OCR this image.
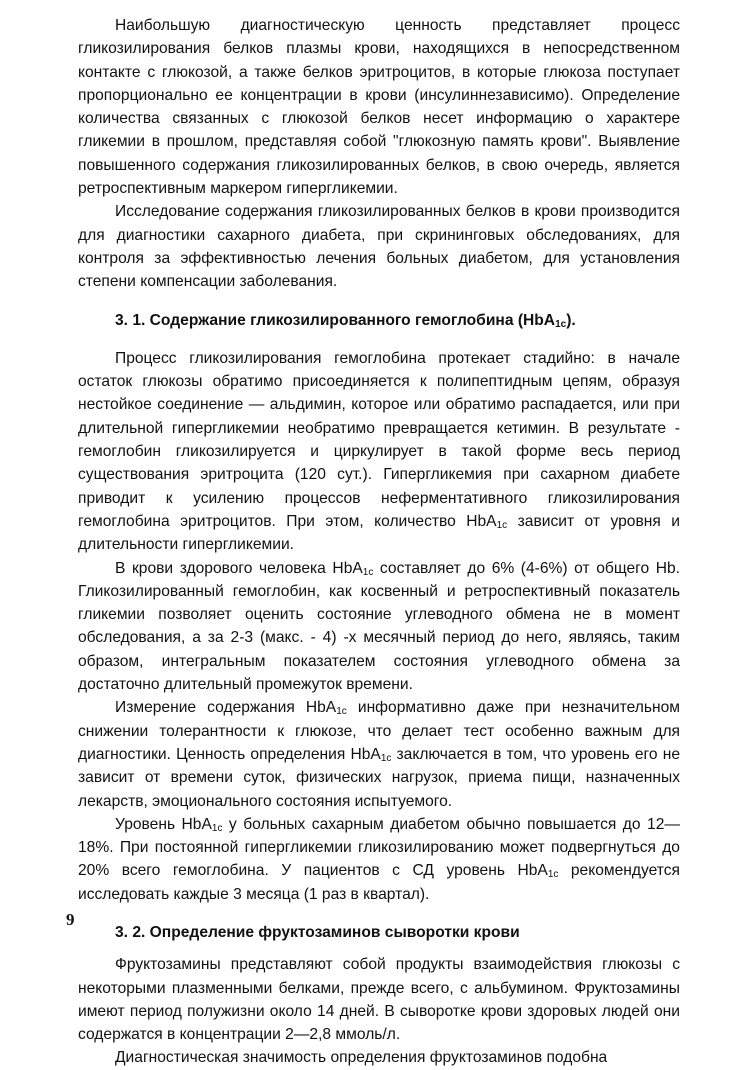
Наибольшую диагностическую ценность представляет процесс гликозилирования белков плазмы крови, находящихся в непосредственном контакте с глюкозой, а также белков эритроцитов, в которые глюкоза поступает пропорционально ее концентрации в крови (инсулиннезависимо). Определение количества связанных с глюкозой белков несет информацию о характере гликемии в прошлом, представляя собой "глюкозную память крови". Выявление повышенного содержания гликозилированных белков, в свою очередь, является ретроспективным маркером гипергликемии.

Исследование содержания гликозилированных белков в крови производится для диагностики сахарного диабета, при скрининговых обследованиях, для контроля за эффективностью лечения больных диабетом, для установления степени компенсации заболевания.

3. 1. Содержание гликозилированного гемоглобина (HbA$_{1c}$).

Процесс гликозилирования гемоглобина протекает стадийно: в начале остаток глюкозы обратимо присоединяется к полипептидным цепям, образуя нестойкое соединение — альдимин, которое или обратимо распадается, или при длительной гипергликемии необратимо превращается кетимин. В результате - гемоглобин гликозилируется и циркулирует в такой форме весь период существования эритроцита (120 сут.). Гипергликемия при сахарном диабете приводит к усилению процессов неферментативного гликозилирования гемоглобина эритроцитов. При этом, количество HbA$_{1c}$ зависит от уровня и длительности гипергликемии.

В крови здорового человека HbA$_{1c}$ составляет до 6% (4-6%) от общего Hb. Гликозилированный гемоглобин, как косвенный и ретроспективный показатель гликемии позволяет оценить состояние углеводного обмена не в момент обследования, а за 2-3 (макс. - 4) -х месячный период до него, являясь, таким образом, интегральным показателем состояния углеводного обмена за достаточно длительный промежуток времени.

Измерение содержания HbA$_{1c}$ информативно даже при незначительном снижении толерантности к глюкозе, что делает тест особенно важным для диагностики. Ценность определения HbA$_{1c}$ заключается в том, что уровень его не зависит от времени суток, физических нагрузок, приема пищи, назначенных лекарств, эмоционального состояния испытуемого.

Уровень HbA$_{1c}$ у больных сахарным диабетом обычно повышается до 12—18%. При постоянной гипергликемии гликозилированию может подвергнуться до 20% всего гемоглобина. У пациентов с СД уровень HbA$_{1c}$ рекомендуется исследовать каждые 3 месяца (1 раз в квартал).

3. 2. Определение фруктозаминов сыворотки крови

Фруктозамины представляют собой продукты взаимодействия глюкозы с некоторыми плазменными белками, прежде всего, с альбумином. Фруктозамины имеют период полужизни около 14 дней. В сыворотке крови здоровых людей они содержатся в концентрации 2—2,8 ммоль/л.

Диагностическая значимость определения фруктозаминов подобна

9
